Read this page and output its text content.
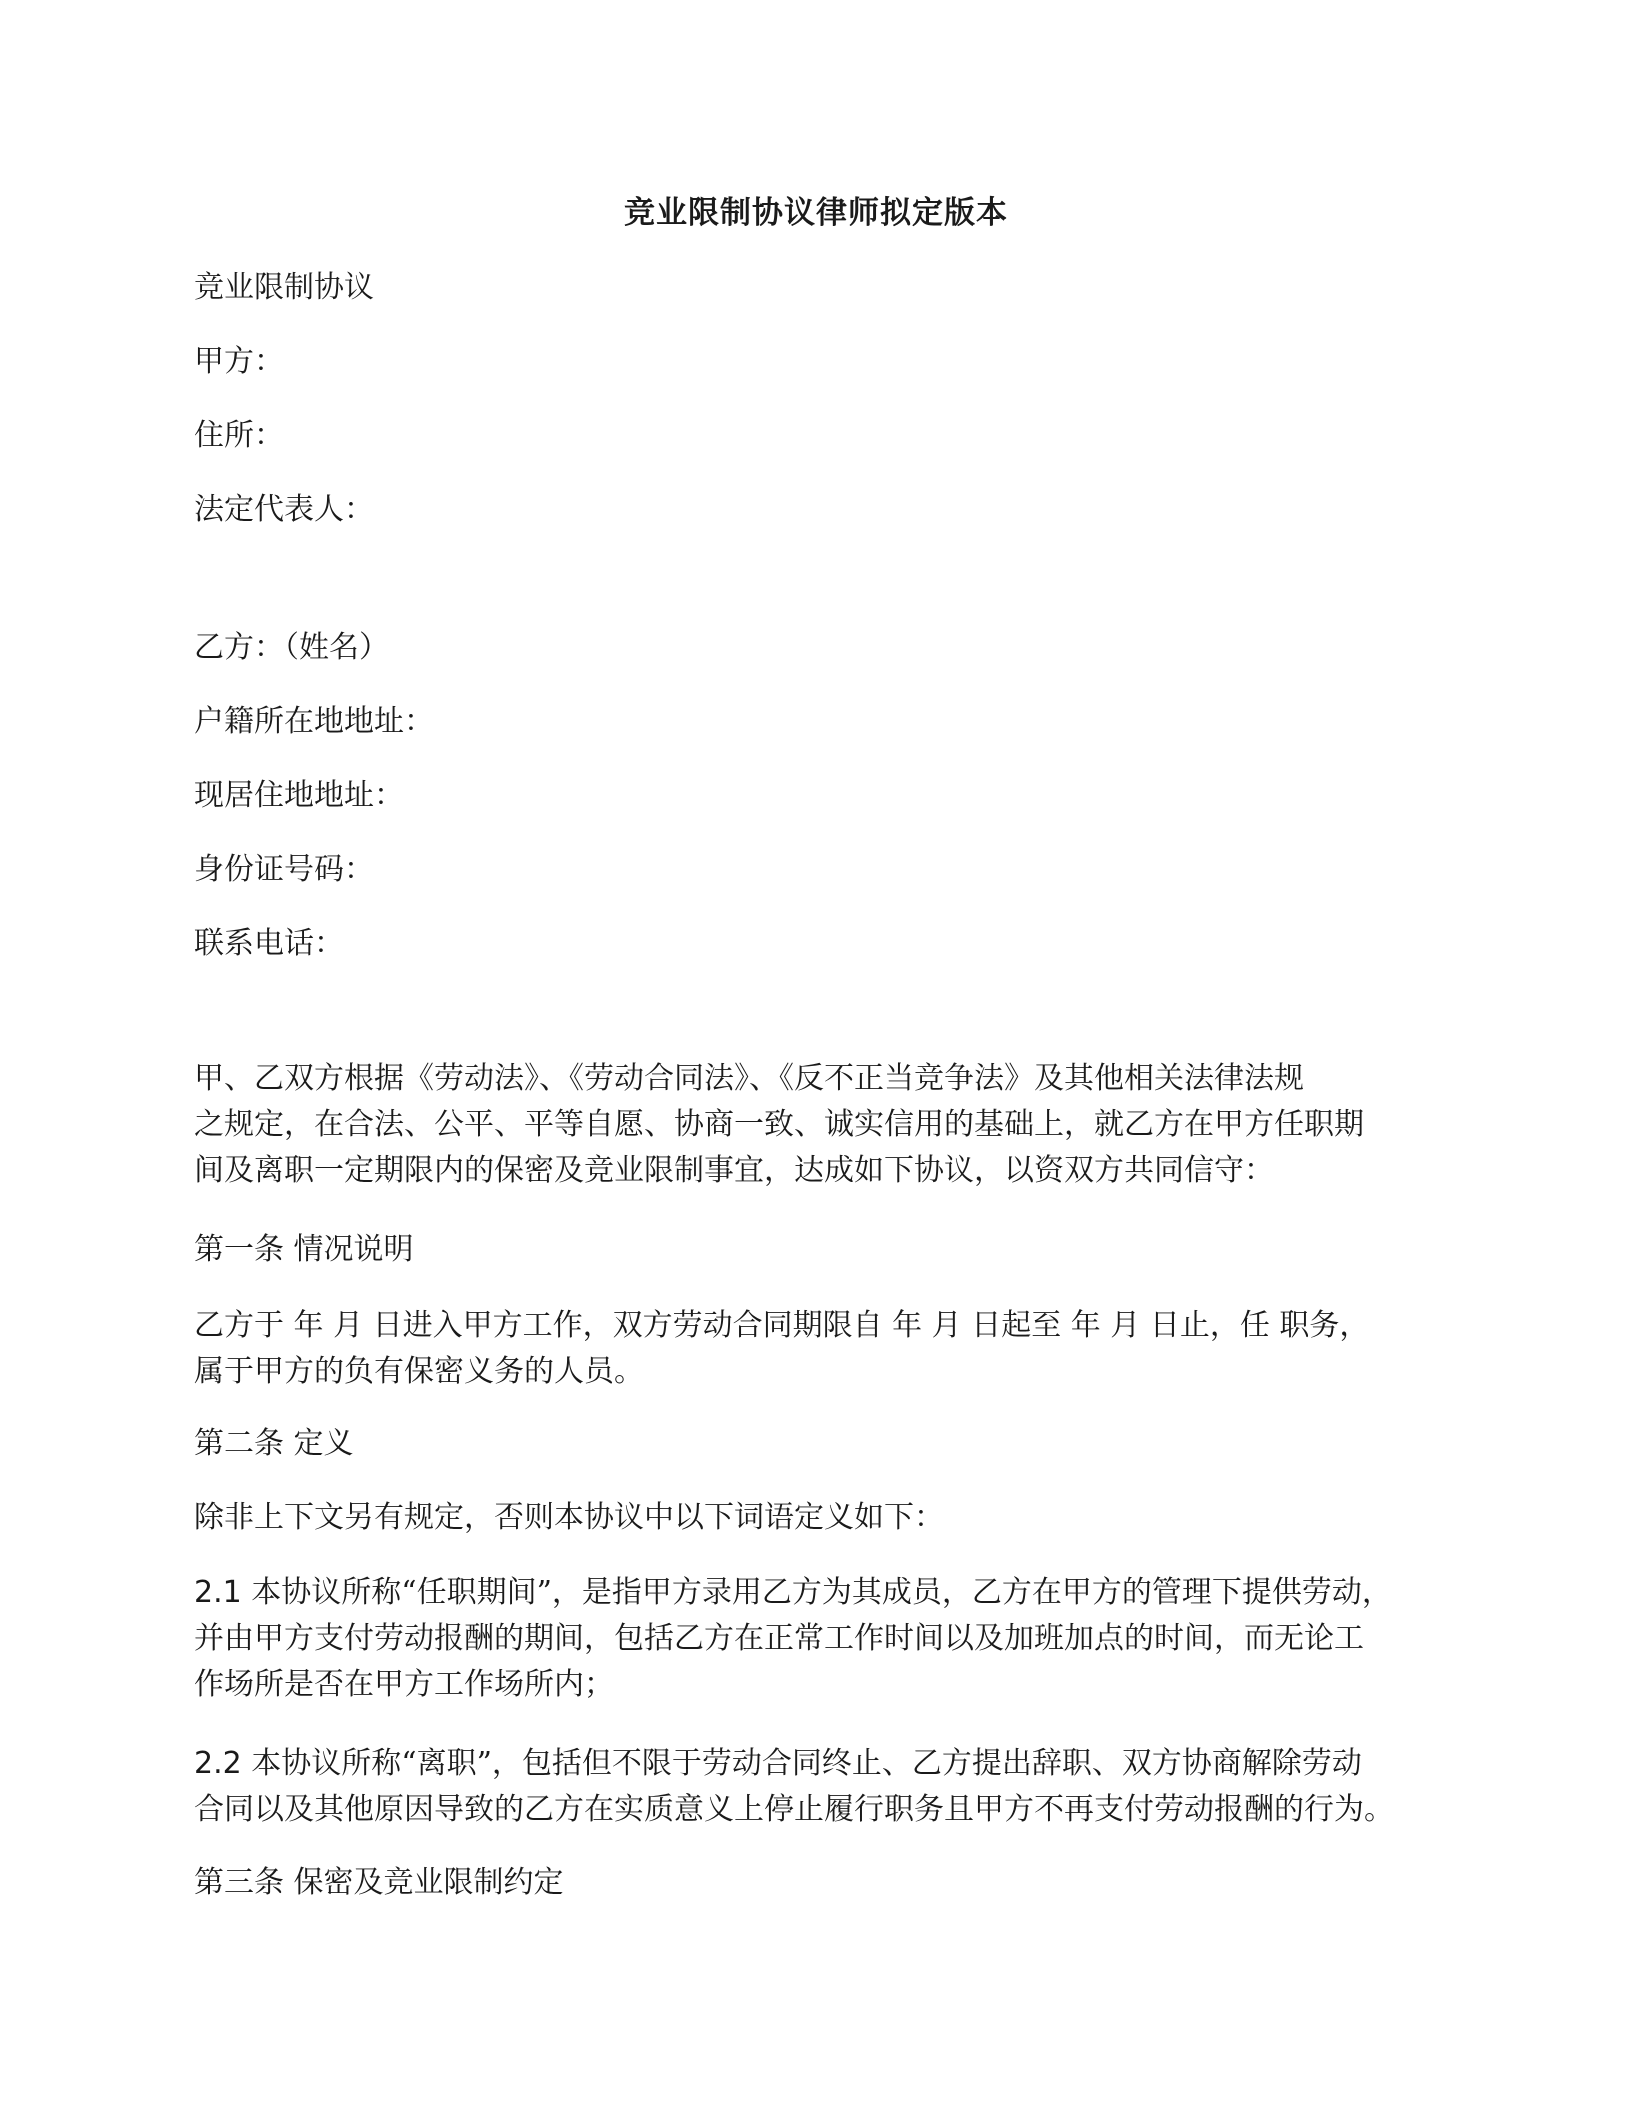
竞业限制协议律师拟定版本
竞业限制协议
甲方：
住所：
法定代表人：
乙方：（姓名）
户籍所在地地址：
现居住地地址：
身份证号码：
联系电话：
甲、乙双方根据《劳动法》、《劳动合同法》、《反不正当竞争法》及其他相关法律法规
之规定，在合法、公平、平等自愿、协商一致、诚实信用的基础上，就乙方在甲方任职期
间及离职一定期限内的保密及竞业限制事宜，达成如下协议，以资双方共同信守：
第一条 情况说明
乙方于 年 月 日进入甲方工作，双方劳动合同期限自 年 月 日起至 年 月 日止，任 职务，
属于甲方的负有保密义务的人员。
第二条 定义
除非上下文另有规定，否则本协议中以下词语定义如下：
2.1 本协议所称“任职期间”，是指甲方录用乙方为其成员，乙方在甲方的管理下提供劳动，
并由甲方支付劳动报酬的期间，包括乙方在正常工作时间以及加班加点的时间，而无论工
作场所是否在甲方工作场所内；
2.2 本协议所称“离职”，包括但不限于劳动合同终止、乙方提出辞职、双方协商解除劳动
合同以及其他原因导致的乙方在实质意义上停止履行职务且甲方不再支付劳动报酬的行为。
第三条 保密及竞业限制约定
